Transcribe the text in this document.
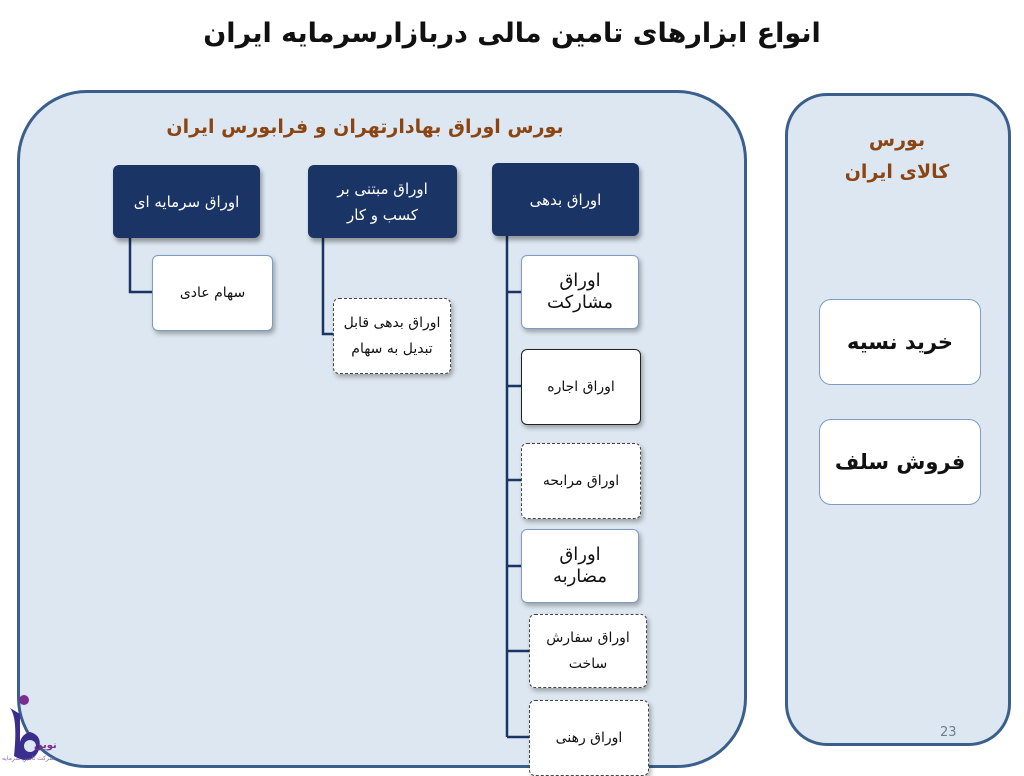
انواع ابزارهای تامین مالی دربازارسرمایه ایران
بورس اوراق بهادارتهران و فرابورس ایران
بورس
کالای ایران
اوراق سرمایه ای
اوراق مبتنی بر کسب و کار
اوراق بدهی
سهام عادی
اوراق بدهی قابل تبدیل به سهام
اوراق مشارکت
اوراق اجاره
اوراق مرابحه
اوراق مضاربه
اوراق سفارش ساخت
اوراق رهنی
خرید نسیه
فروش سلف
23
نوین
شرکت تامین سرمایه
